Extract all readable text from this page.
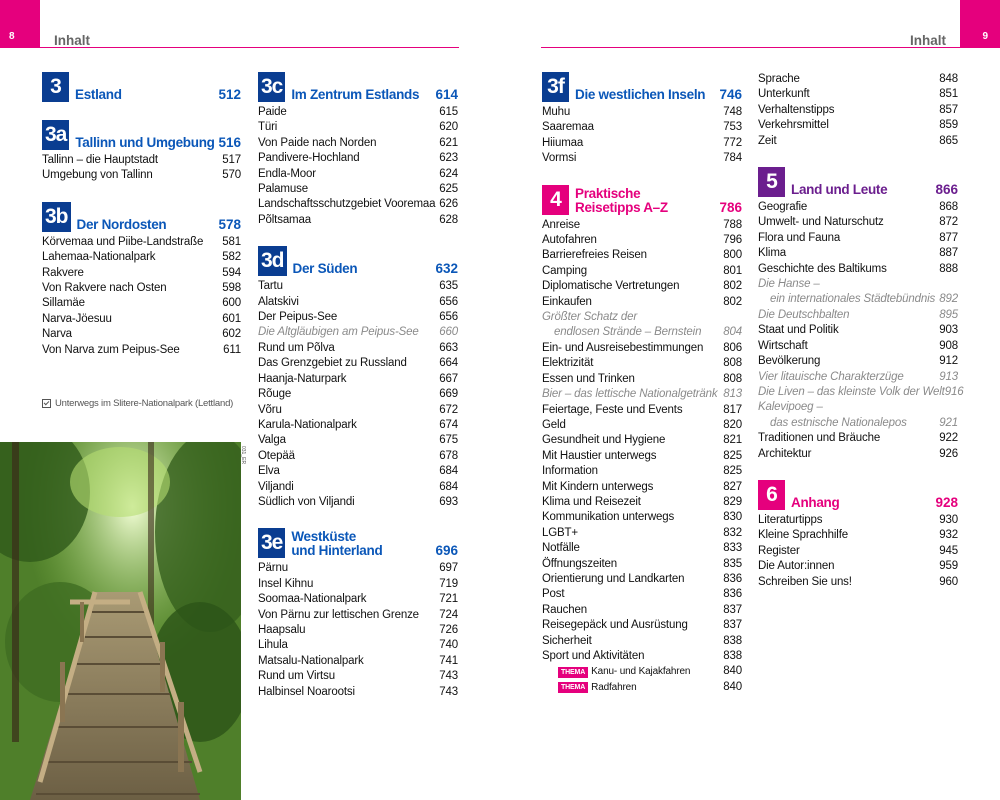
8	9
Inhalt	Inhalt
3	Estland	512
3a Tallinn und Umgebung 516
Tallinn – die Hauptstadt	517
Umgebung von Tallinn	570
3b Der Nordosten	578
Körvemaa und Piibe-Landstraße 581
Lahemaa-Nationalpark	582
Rakvere	594
Von Rakvere nach Osten	598
Sillamäe	600
Narva-Jöesuu	601
Narva	602
Von Narva zum Peipus-See	611
3c Im Zentrum Estlands	614
Paide	615
Türi	620
Von Paide nach Norden	621
Pandivere-Hochland	623
Endla-Moor	624
Palamuse	625
Landschaftsschutzgebiet Vooremaa 626
Põltsamaa	628
3d Der Süden	632
Tartu	635
Alatskivi	656
Der Peipus-See	656
Die Altgläubigen am Peipus-See 660
Rund um Põlva	663
Das Grenzgebiet zu Russland	664
Haanja-Naturpark	667
Rõuge	669
Võru	672
Karula-Nationalpark	674
Valga	675
Otepää	678
Elva	684
Viljandi	684
Südlich von Viljandi	693
3e Westküste
und Hinterland	696
Pärnu	697
Insel Kihnu	719
Soomaa-Nationalpark	721
Von Pärnu zur lettischen Grenze 724
Haapsalu	726
Lihula	740
Matsalu-Nationalpark	741
Rund um Virtsu	743
Halbinsel Noarootsi	743
3f Die westlichen Inseln	746
Muhu	748
Saaremaa	753
Hiiumaa	772
Vormsi	784
4	Praktische
Reisetipps A–Z	786
Anreise	788
Autofahren	796
Barrierefreies Reisen	800
Camping	801
Diplomatische Vertretungen	802
Einkaufen	802
Größter Schatz der
endlosen Strände – Bernstein 804
Ein- und Ausreisebestimmungen 806
Elektrizität	808
Essen und Trinken	808
Bier – das lettische Nationalgetränk 813
Feiertage, Feste und Events	817
Geld	820
Gesundheit und Hygiene	821
Mit Haustier unterwegs	825
Information	825
Mit Kindern unterwegs	827
Klima und Reisezeit	829
Kommunikation unterwegs	830
LGBT+	832
Notfälle	833
Öffnungszeiten	835
Orientierung und Landkarten	836
Post	836
Rauchen	837
Reisegepäck und Ausrüstung	837
Sicherheit	838
Sport und Aktivitäten	838
THEMA Kanu- und Kajakfahren	840
THEMA Radfahren	840
Sprache	848
Unterkunft	851
Verhaltenstipps	857
Verkehrsmittel	859
Zeit	865
5	Land und Leute	866
Geografie	868
Umwelt- und Naturschutz	872
Flora und Fauna	877
Klima	887
Geschichte des Baltikums	888
Die Hanse –
ein internationales Städtebündnis 892
Die Deutschbalten	895
Staat und Politik	903
Wirtschaft	908
Bevölkerung	912
Vier litauische Charakterzüge	913
Die Liven – das kleinste Volk der Welt 916
Kalevipoeg –
das estnische Nationalepos	921
Traditionen und Bräuche	922
Architektur	926
6	Anhang	928
Literaturtipps	930
Kleine Sprachhilfe	932
Register	945
Die Autor:innen	959
Schreiben Sie uns!	960
Unterwegs im Slitere-Nationalpark (Lettland)
031_ER
